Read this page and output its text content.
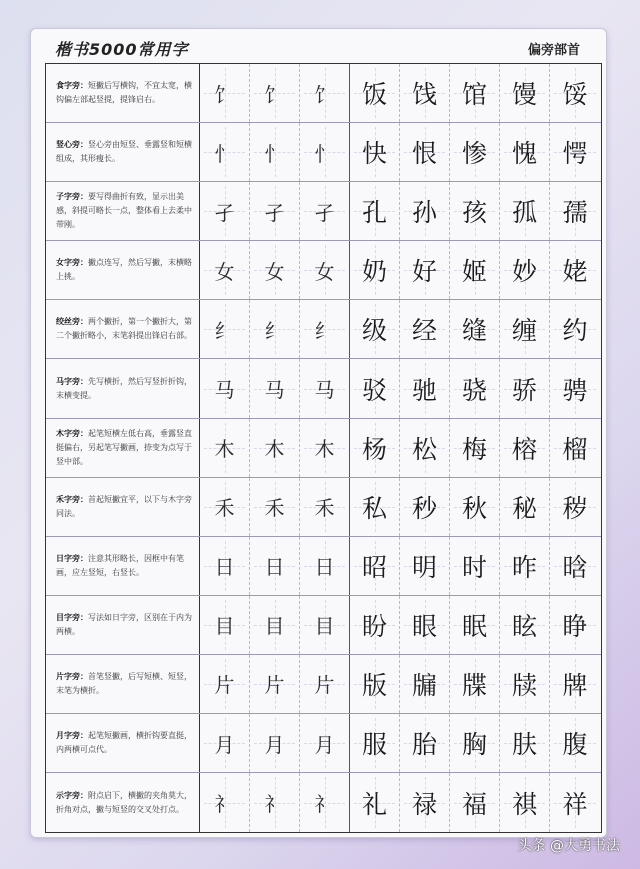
楷书5000常用字	偏旁部首
食字旁：短撇后写横钩，不宜太宽，横钩偏左部起竖提，提锋启右。	饣 饣 饣 饭 饯 馆 馒 馁
竖心旁：竖心旁由短竖、垂露竖和短横组成，其形瘦长。	忄 忄 忄 快 恨 惨 愧 愕
子字旁：要写得曲折有致，显示出美感，斜提可略长一点，整体看上去柔中带刚。	孑 孑 孑 孔 孙 孩 孤 孺
女字旁：撇点连写，然后写撇，末横略上挑。	女 女 女 奶 好 姬 妙 姥
绞丝旁：两个撇折，第一个撇折大，第二个撇折略小，末笔斜提出锋启右部。 纟 纟 纟 级 经 缝 缠 约
马字旁：先写横折，然后写竖折折钩，末横变提。	马 马 马 驳 驰 骁 骄 骋
木字旁：起笔短横左低右高，垂露竖直挺偏右，另起笔写撇画，捺变为点写于竖中部。	木 木 木 杨 松 梅 榕 榴
禾字旁：首起短撇宜平，以下与木字旁同法。	禾 禾 禾 私 秒 秋 秘 秽
日字旁：注意其形略长，因框中有笔画，应左竖短，右竖长。	日 日 日 昭 明 时 昨 晗
目字旁：写法如日字旁，区别在于内为两横。	目 目 目 盼 眼 眠 眩 睁
片字旁：首笔竖撇，后写短横、短竖，末笔为横折。	片 片 片 版 牖 牒 牍 牌
月字旁：起笔短撇画，横折钩要直挺，内两横可点代。	月 月 月 服 胎 胸 肤 腹
示字旁：附点启下，横撇的夹角莫大，折角对点，撇与短竖的交叉处打点。	礻 礻 礻 礼 禄 福 祺 祥
头条 @大勇书法
